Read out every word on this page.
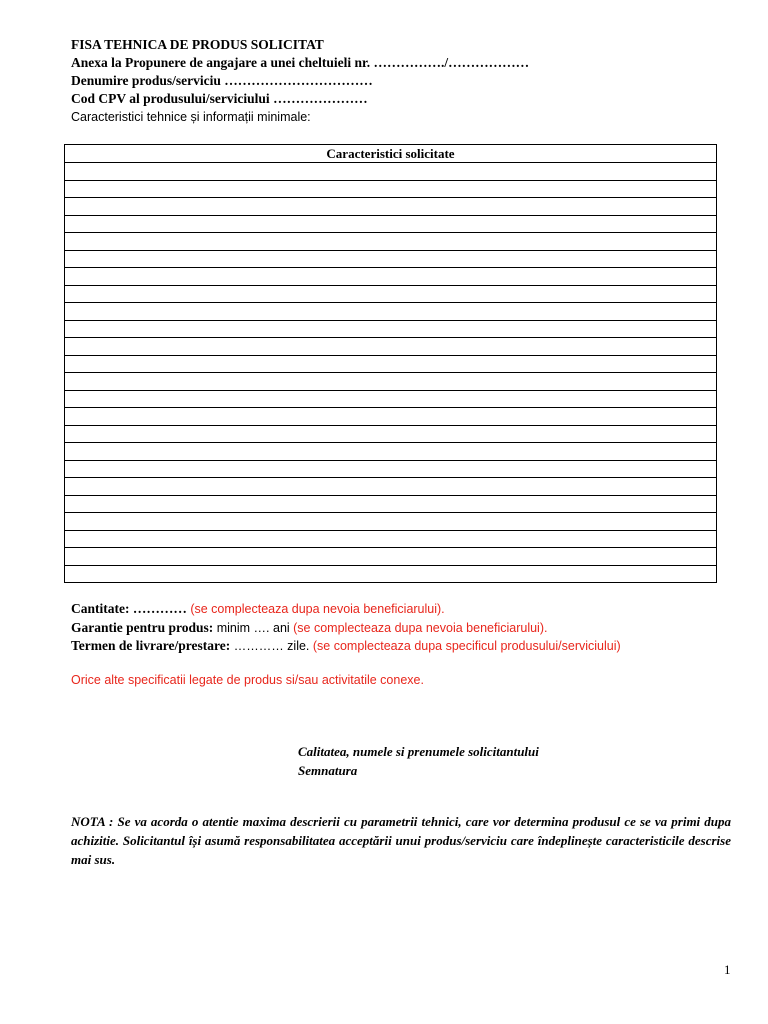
FISA TEHNICA DE PRODUS SOLICITAT
Anexa la Propunere de angajare a unei cheltuieli nr. ……………./………………
Denumire produs/serviciu ……………………………
Cod CPV al produsului/serviciului …………………
Caracteristici tehnice și informații minimale:
Caracteristici solicitate

Cantitate: ………… (se complecteaza dupa nevoia beneficiarului).
Garantie pentru produs: minim …. ani (se complecteaza dupa nevoia beneficiarului).
Termen de livrare/prestare: ………… zile. (se complecteaza dupa specificul produsului/serviciului)
Orice alte specificatii legate de produs si/sau activitatile conexe.
Calitatea, numele si prenumele solicitantului
Semnatura
NOTA : Se va acorda o atentie maxima descrierii cu parametrii tehnici, care vor determina produsul ce se va primi dupa achizitie. Solicitantul își asumă responsabilitatea acceptării unui produs/serviciu care îndeplinește caracteristicile descrise mai sus.
1
